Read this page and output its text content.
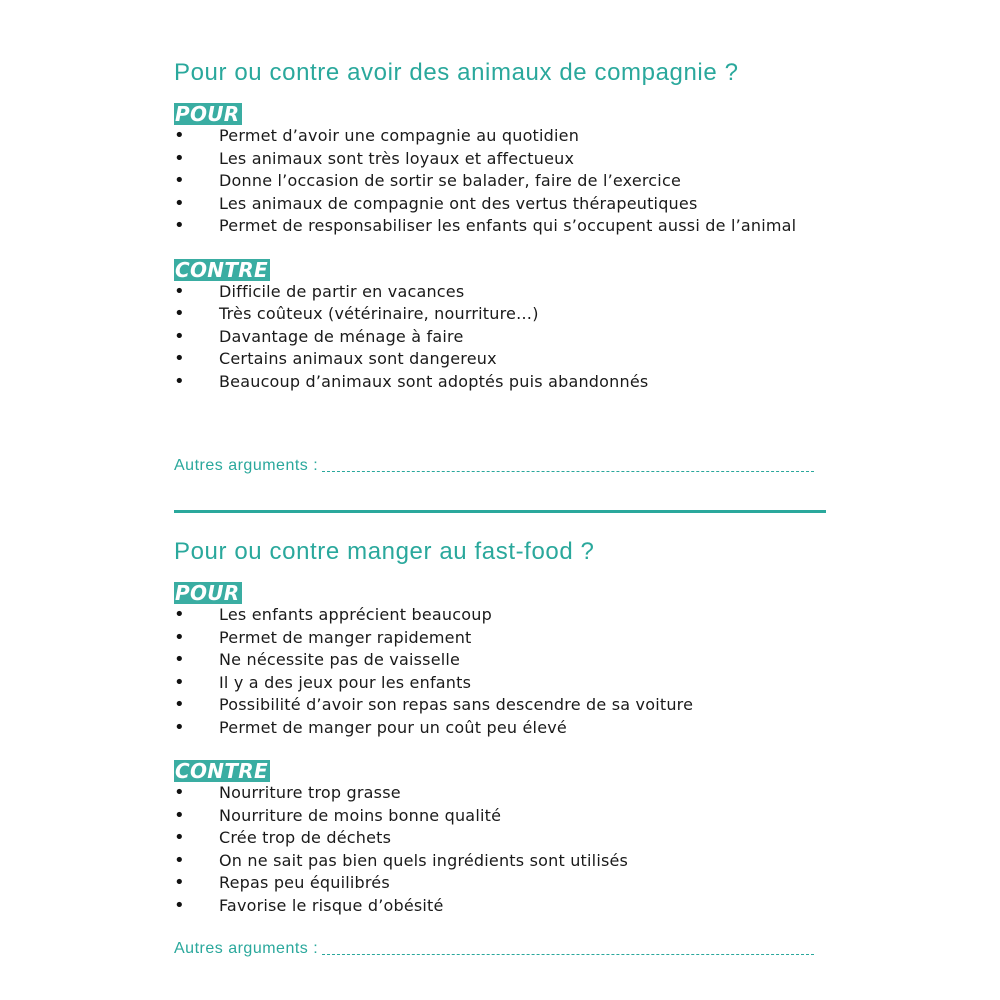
Pour ou contre avoir des animaux de compagnie ?
POUR
• Permet d’avoir une compagnie au quotidien
• Les animaux sont très loyaux et affectueux
• Donne l’occasion de sortir se balader, faire de l’exercice
• Les animaux de compagnie ont des vertus thérapeutiques
• Permet de responsabiliser les enfants qui s’occupent aussi de l’animal
CONTRE
• Difficile de partir en vacances
• Très coûteux (vétérinaire, nourriture…)
• Davantage de ménage à faire
• Certains animaux sont dangereux
• Beaucoup d’animaux sont adoptés puis abandonnés
Autres arguments :
Pour ou contre manger au fast-food ?
POUR
• Les enfants apprécient beaucoup
• Permet de manger rapidement
• Ne nécessite pas de vaisselle
• Il y a des jeux pour les enfants
• Possibilité d’avoir son repas sans descendre de sa voiture
• Permet de manger pour un coût peu élevé
CONTRE
• Nourriture trop grasse
• Nourriture de moins bonne qualité
• Crée trop de déchets
• On ne sait pas bien quels ingrédients sont utilisés
• Repas peu équilibrés
• Favorise le risque d’obésité
Autres arguments :
